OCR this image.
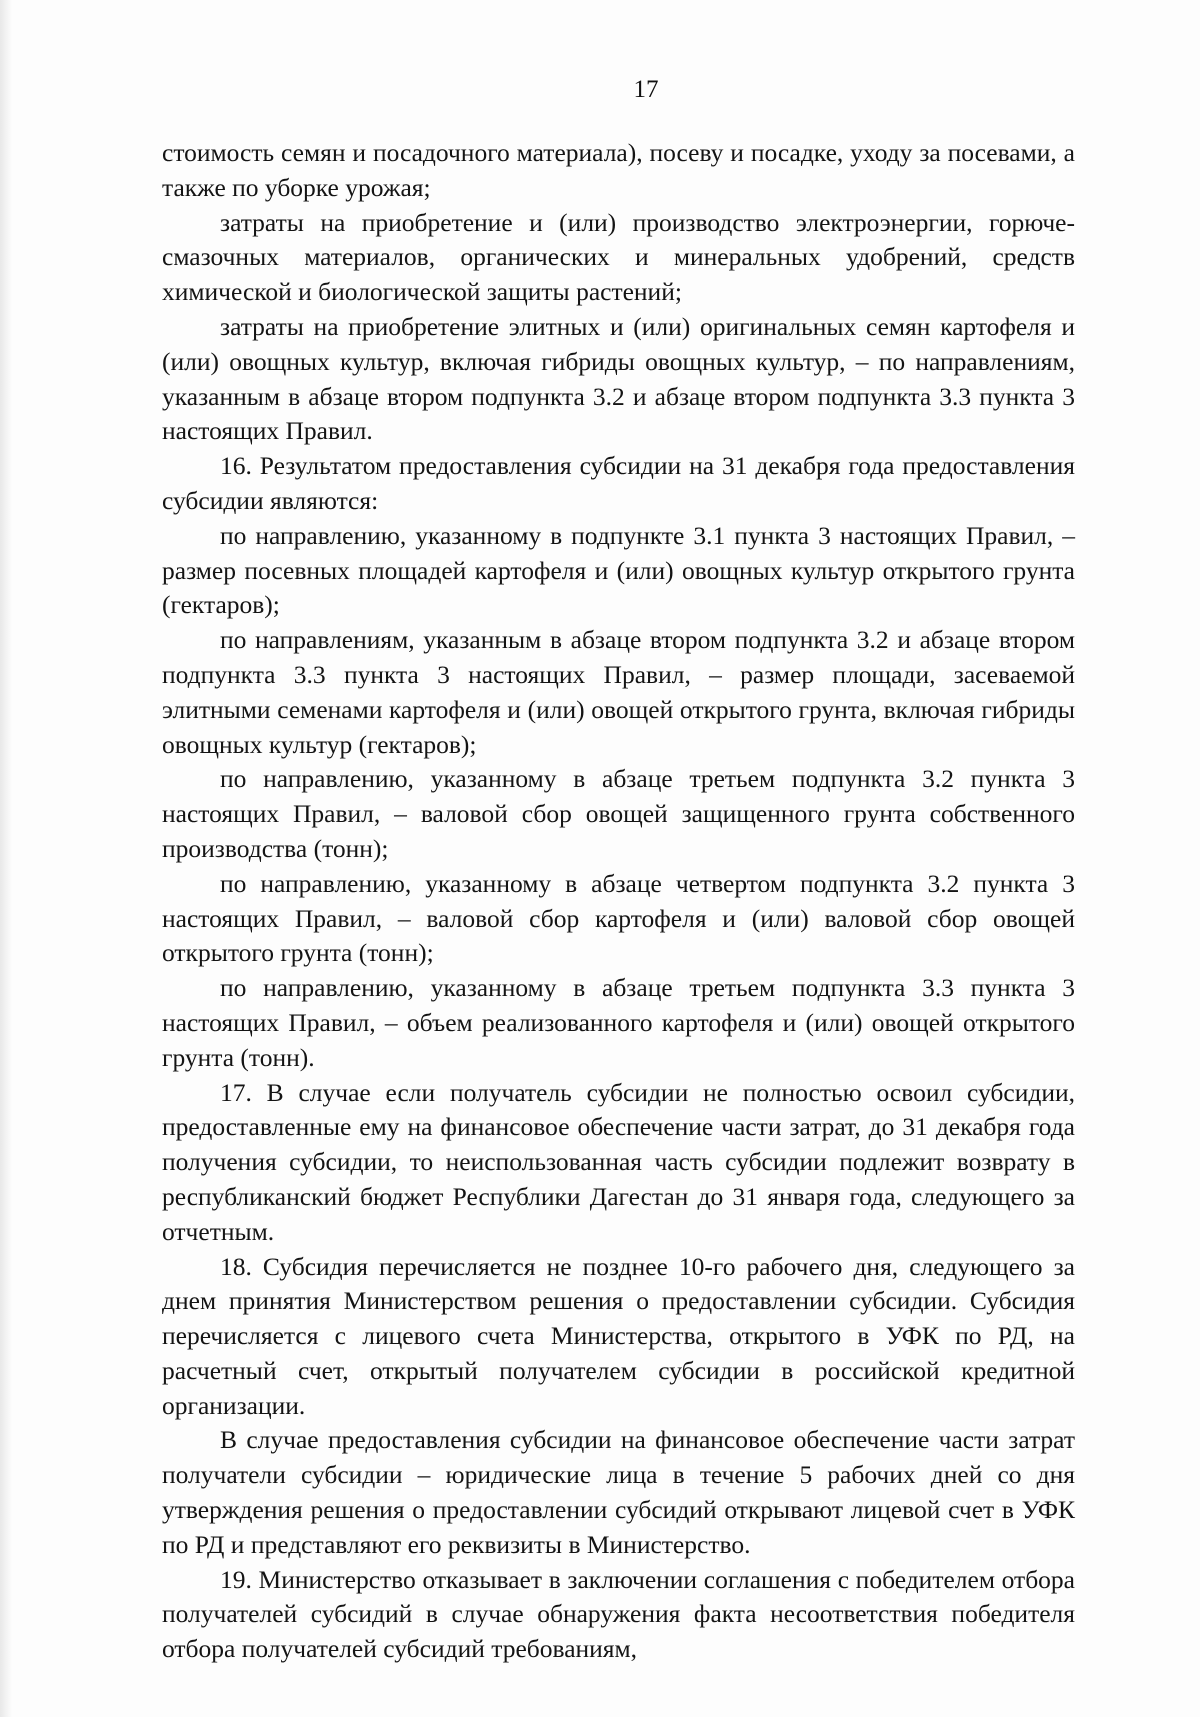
17

стоимость семян и посадочного материала), посеву и посадке, уходу за посевами, а также по уборке урожая;

затраты на приобретение и (или) производство электроэнергии, горюче-смазочных материалов, органических и минеральных удобрений, средств химической и биологической защиты растений;

затраты на приобретение элитных и (или) оригинальных семян картофеля и (или) овощных культур, включая гибриды овощных культур, – по направлениям, указанным в абзаце втором подпункта 3.2 и абзаце втором подпункта 3.3 пункта 3 настоящих Правил.

16. Результатом предоставления субсидии на 31 декабря года предоставления субсидии являются:

по направлению, указанному в подпункте 3.1 пункта 3 настоящих Правил, – размер посевных площадей картофеля и (или) овощных культур открытого грунта (гектаров);

по направлениям, указанным в абзаце втором подпункта 3.2 и абзаце втором подпункта 3.3 пункта 3 настоящих Правил, – размер площади, засеваемой элитными семенами картофеля и (или) овощей открытого грунта, включая гибриды овощных культур (гектаров);

по направлению, указанному в абзаце третьем подпункта 3.2 пункта 3 настоящих Правил, – валовой сбор овощей защищенного грунта собственного производства (тонн);

по направлению, указанному в абзаце четвертом подпункта 3.2 пункта 3 настоящих Правил, – валовой сбор картофеля и (или) валовой сбор овощей открытого грунта (тонн);

по направлению, указанному в абзаце третьем подпункта 3.3 пункта 3 настоящих Правил, – объем реализованного картофеля и (или) овощей открытого грунта (тонн).

17. В случае если получатель субсидии не полностью освоил субсидии, предоставленные ему на финансовое обеспечение части затрат, до 31 декабря года получения субсидии, то неиспользованная часть субсидии подлежит возврату в республиканский бюджет Республики Дагестан до 31 января года, следующего за отчетным.

18. Субсидия перечисляется не позднее 10-го рабочего дня, следующего за днем принятия Министерством решения о предоставлении субсидии. Субсидия перечисляется с лицевого счета Министерства, открытого в УФК по РД, на расчетный счет, открытый получателем субсидии в российской кредитной организации.

В случае предоставления субсидии на финансовое обеспечение части затрат получатели субсидии – юридические лица в течение 5 рабочих дней со дня утверждения решения о предоставлении субсидий открывают лицевой счет в УФК по РД и представляют его реквизиты в Министерство.

19. Министерство отказывает в заключении соглашения с победителем отбора получателей субсидий в случае обнаружения факта несоответствия победителя отбора получателей субсидий требованиям,
